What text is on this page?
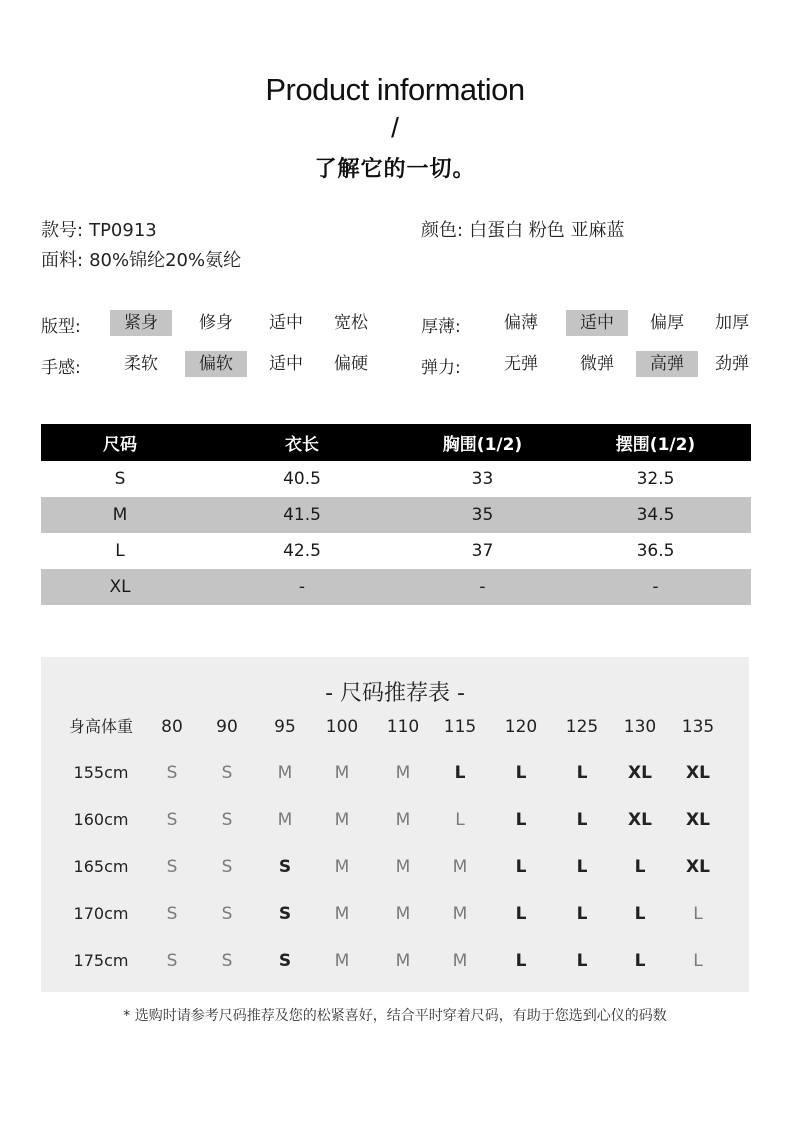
Product information
/
了解它的一切。
款号: TP0913	颜色: 白蛋白 粉色 亚麻蓝
面料: 80%锦纶20%氨纶
版型:	紧身	修身	适中	宽松	厚薄:	偏薄	适中	偏厚	加厚
手感:	柔软	偏软	适中	偏硬	弹力:	无弹	微弹	高弹	劲弹
尺码	衣长	胸围(1/2)	摆围(1/2)
S	40.5	33	32.5
M	41.5	35	34.5
L	42.5	37	36.5
XL	-	-	-
- 尺码推荐表 -
身高体重	80	90	95	100	110	115	120	125	130	135
155cm	S	S	M	M	M	L	L	L	XL	XL
160cm	S	S	M	M	M	L	L	L	XL	XL
165cm	S	S	S	M	M	M	L	L	L	XL
170cm	S	S	S	M	M	M	L	L	L	L
175cm	S	S	S	M	M	M	L	L	L	L
* 选购时请参考尺码推荐及您的松紧喜好，结合平时穿着尺码，有助于您选到心仪的码数
